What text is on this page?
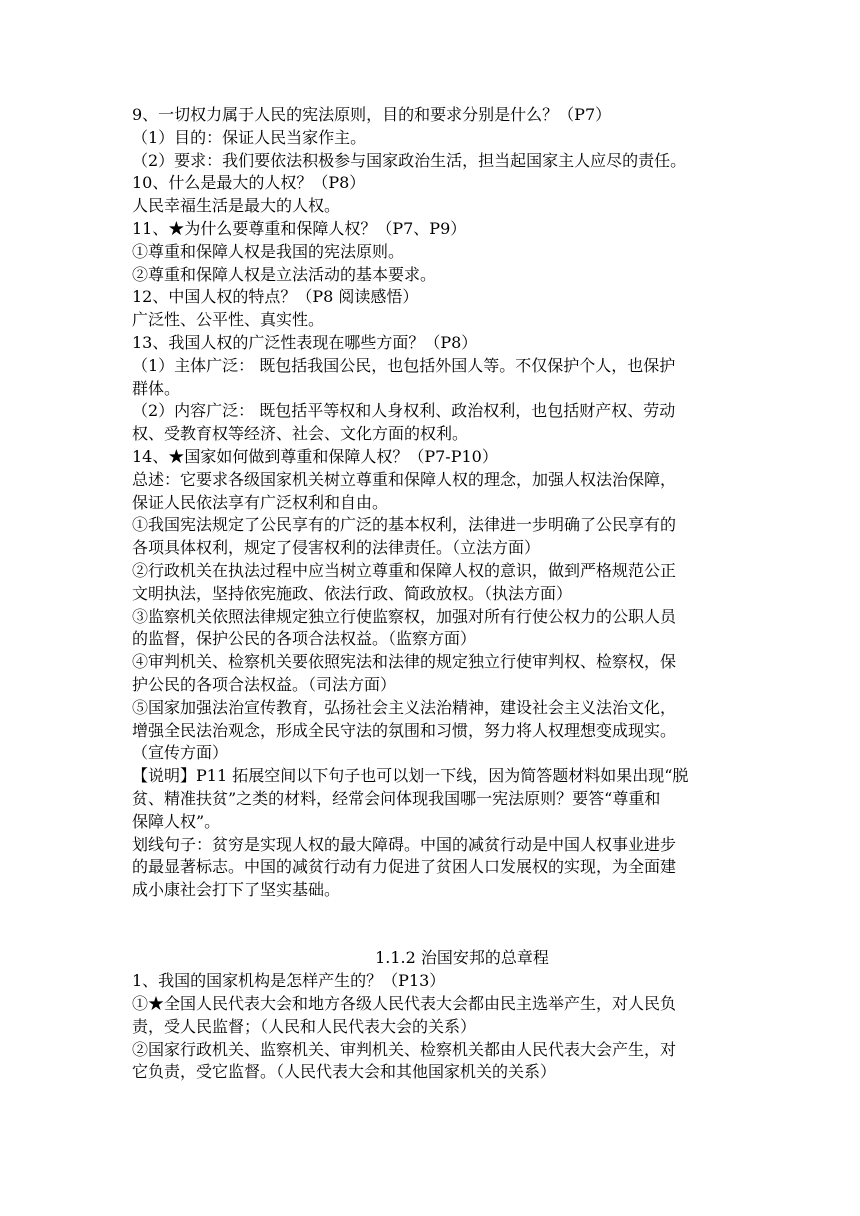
9、一切权力属于人民的宪法原则，目的和要求分别是什么？（P7）
（1）目的：保证人民当家作主。
（2）要求：我们要依法积极参与国家政治生活，担当起国家主人应尽的责任。
10、什么是最大的人权？（P8）
人民幸福生活是最大的人权。
11、★为什么要尊重和保障人权？（P7、P9）
①尊重和保障人权是我国的宪法原则。
②尊重和保障人权是立法活动的基本要求。
12、中国人权的特点？（P8 阅读感悟）
广泛性、公平性、真实性。
13、我国人权的广泛性表现在哪些方面？（P8）
（1）主体广泛： 既包括我国公民，也包括外国人等。不仅保护个人，也保护
群体。
（2）内容广泛： 既包括平等权和人身权利、政治权利，也包括财产权、劳动
权、受教育权等经济、社会、文化方面的权利。
14、★国家如何做到尊重和保障人权？（P7-P10）
总述：它要求各级国家机关树立尊重和保障人权的理念，加强人权法治保障，
保证人民依法享有广泛权利和自由。
①我国宪法规定了公民享有的广泛的基本权利，法律进一步明确了公民享有的
各项具体权利，规定了侵害权利的法律责任。（立法方面）
②行政机关在执法过程中应当树立尊重和保障人权的意识，做到严格规范公正
文明执法，坚持依宪施政、依法行政、简政放权。（执法方面）
③监察机关依照法律规定独立行使监察权，加强对所有行使公权力的公职人员
的监督，保护公民的各项合法权益。（监察方面）
④审判机关、检察机关要依照宪法和法律的规定独立行使审判权、检察权，保
护公民的各项合法权益。（司法方面）
⑤国家加强法治宣传教育，弘扬社会主义法治精神，建设社会主义法治文化，
增强全民法治观念，形成全民守法的氛围和习惯，努力将人权理想变成现实。
（宣传方面）
【说明】P11 拓展空间以下句子也可以划一下线，因为简答题材料如果出现“脱
贫、精准扶贫”之类的材料，经常会问体现我国哪一宪法原则？要答“尊重和
保障人权”。
划线句子：贫穷是实现人权的最大障碍。中国的减贫行动是中国人权事业进步
的最显著标志。中国的减贫行动有力促进了贫困人口发展权的实现，为全面建
成小康社会打下了坚实基础。
1.1.2 治国安邦的总章程
1、我国的国家机构是怎样产生的？（P13）
①★全国人民代表大会和地方各级人民代表大会都由民主选举产生，对人民负
责，受人民监督；（人民和人民代表大会的关系）
②国家行政机关、监察机关、审判机关、检察机关都由人民代表大会产生，对
它负责，受它监督。（人民代表大会和其他国家机关的关系）
